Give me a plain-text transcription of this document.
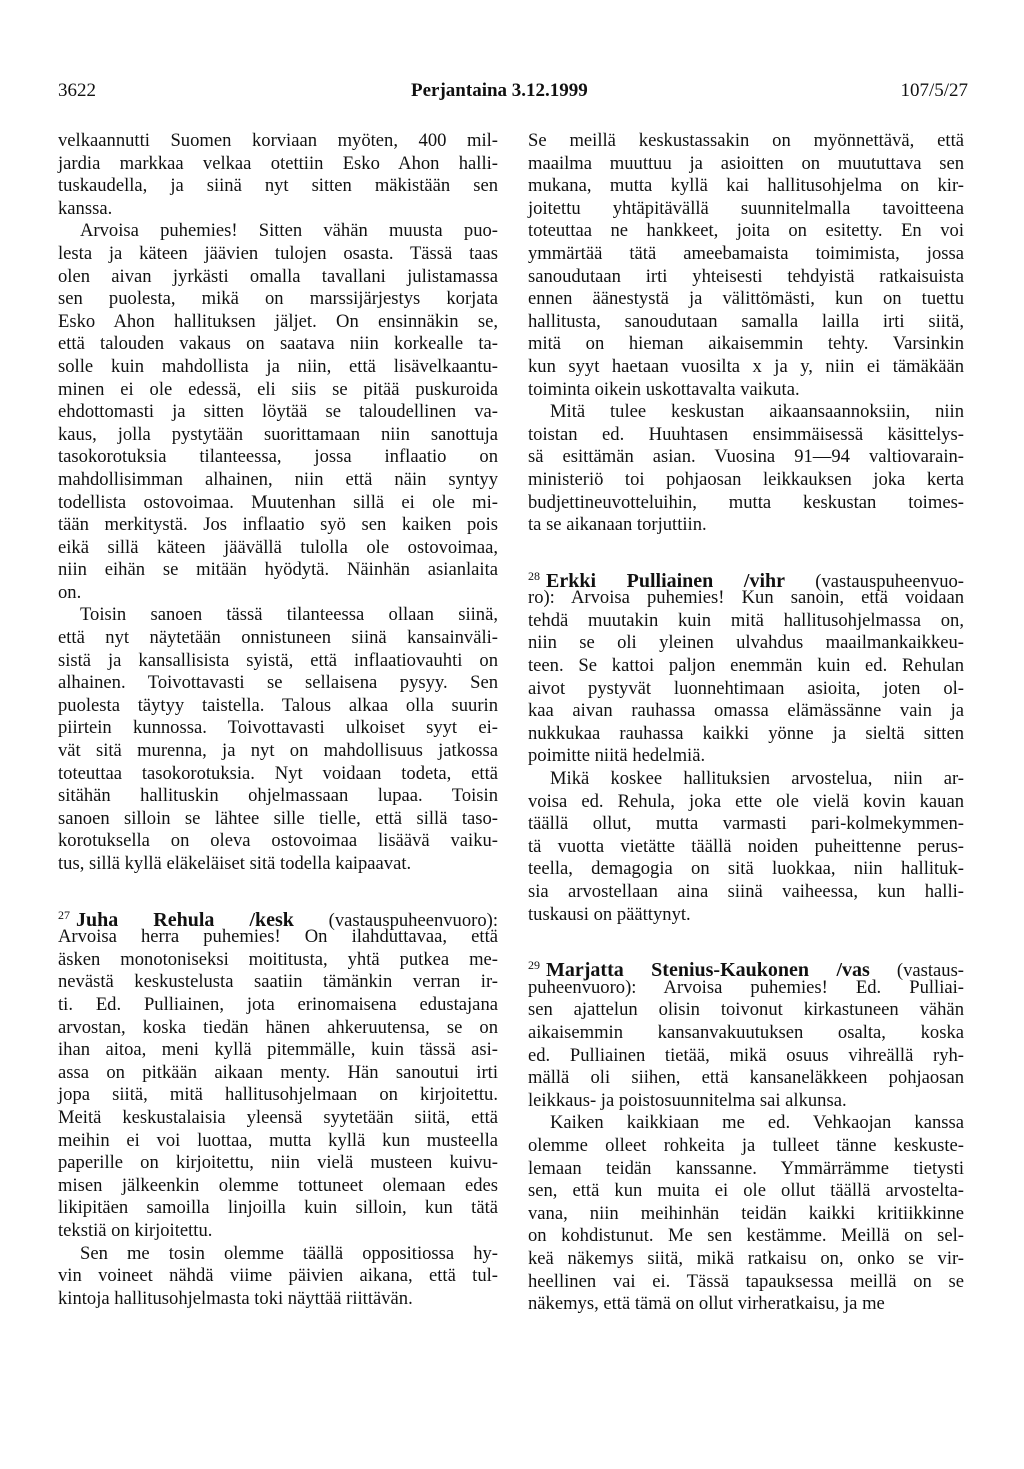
3622	Perjantaina 3.12.1999	107/5/27
velkaannutti Suomen korviaan myöten, 400 mil-
jardia markkaa velkaa otettiin Esko Ahon halli-
tuskaudella, ja siinä nyt sitten mäkistään sen
kanssa.
Arvoisa puhemies! Sitten vähän muusta puo-
lesta ja käteen jäävien tulojen osasta. Tässä taas
olen aivan jyrkästi omalla tavallani julistamassa
sen puolesta, mikä on marssijärjestys korjata
Esko Ahon hallituksen jäljet. On ensinnäkin se,
että talouden vakaus on saatava niin korkealle ta-
solle kuin mahdollista ja niin, että lisävelkaantu-
minen ei ole edessä, eli siis se pitää puskuroida
ehdottomasti ja sitten löytää se taloudellinen va-
kaus, jolla pystytään suorittamaan niin sanottuja
tasokorotuksia tilanteessa, jossa inflaatio on
mahdollisimman alhainen, niin että näin syntyy
todellista ostovoimaa. Muutenhan sillä ei ole mi-
tään merkitystä. Jos inflaatio syö sen kaiken pois
eikä sillä käteen jäävällä tulolla ole ostovoimaa,
niin eihän se mitään hyödytä. Näinhän asianlaita
on.
Toisin sanoen tässä tilanteessa ollaan siinä,
että nyt näytetään onnistuneen siinä kansainväli-
sistä ja kansallisista syistä, että inflaatiovauhti on
alhainen. Toivottavasti se sellaisena pysyy. Sen
puolesta täytyy taistella. Talous alkaa olla suurin
piirtein kunnossa. Toivottavasti ulkoiset syyt ei-
vät sitä murenna, ja nyt on mahdollisuus jatkossa
toteuttaa tasokorotuksia. Nyt voidaan todeta, että
sitähän hallituskin ohjelmassaan lupaa. Toisin
sanoen silloin se lähtee sille tielle, että sillä taso-
korotuksella on oleva ostovoimaa lisäävä vaiku-
tus, sillä kyllä eläkeläiset sitä todella kaipaavat.
$^{27}$ Juha Rehula /kesk (vastauspuheenvuoro):
Arvoisa herra puhemies! On ilahduttavaa, että
äsken monotoniseksi moititusta, yhtä putkea me-
nevästä keskustelusta saatiin tämänkin verran ir-
ti. Ed. Pulliainen, jota erinomaisena edustajana
arvostan, koska tiedän hänen ahkeruutensa, se on
ihan aitoa, meni kyllä pitemmälle, kuin tässä asi-
assa on pitkään aikaan menty. Hän sanoutui irti
jopa siitä, mitä hallitusohjelmaan on kirjoitettu.
Meitä keskustalaisia yleensä syytetään siitä, että
meihin ei voi luottaa, mutta kyllä kun musteella
paperille on kirjoitettu, niin vielä musteen kuivu-
misen jälkeenkin olemme tottuneet olemaan edes
likipitäen samoilla linjoilla kuin silloin, kun tätä
tekstiä on kirjoitettu.
Sen me tosin olemme täällä oppositiossa hy-
vin voineet nähdä viime päivien aikana, että tul-
kintoja hallitusohjelmasta toki näyttää riittävän.
Se meillä keskustassakin on myönnettävä, että
maailma muuttuu ja asioitten on muututtava sen
mukana, mutta kyllä kai hallitusohjelma on kir-
joitettu yhtäpitävällä suunnitelmalla tavoitteena
toteuttaa ne hankkeet, joita on esitetty. En voi
ymmärtää tätä ameebamaista toimimista, jossa
sanoudutaan irti yhteisesti tehdyistä ratkaisuista
ennen äänestystä ja välittömästi, kun on tuettu
hallitusta, sanoudutaan samalla lailla irti siitä,
mitä on hieman aikaisemmin tehty. Varsinkin
kun syyt haetaan vuosilta x ja y, niin ei tämäkään
toiminta oikein uskottavalta vaikuta.
Mitä tulee keskustan aikaansaannoksiin, niin
toistan ed. Huuhtasen ensimmäisessä käsittelys-
sä esittämän asian. Vuosina 91—94 valtiovarain-
ministeriö toi pohjaosan leikkauksen joka kerta
budjettineuvotteluihin, mutta keskustan toimes-
ta se aikanaan torjuttiin.
$^{28}$ Erkki Pulliainen /vihr (vastauspuheenvuo-
ro): Arvoisa puhemies! Kun sanoin, että voidaan
tehdä muutakin kuin mitä hallitusohjelmassa on,
niin se oli yleinen ulvahdus maailmankaikkeu-
teen. Se kattoi paljon enemmän kuin ed. Rehulan
aivot pystyvät luonnehtimaan asioita, joten ol-
kaa aivan rauhassa omassa elämässänne vain ja
nukkukaa rauhassa kaikki yönne ja sieltä sitten
poimitte niitä hedelmiä.
Mikä koskee hallituksien arvostelua, niin ar-
voisa ed. Rehula, joka ette ole vielä kovin kauan
täällä ollut, mutta varmasti pari-kolmekymmen-
tä vuotta vietätte täällä noiden puheittenne perus-
teella, demagogia on sitä luokkaa, niin hallituk-
sia arvostellaan aina siinä vaiheessa, kun halli-
tuskausi on päättynyt.
$^{29}$ Marjatta Stenius-Kaukonen /vas (vastaus-
puheenvuoro): Arvoisa puhemies! Ed. Pulliai-
sen ajattelun olisin toivonut kirkastuneen vähän
aikaisemmin kansanvakuutuksen osalta, koska
ed. Pulliainen tietää, mikä osuus vihreällä ryh-
mällä oli siihen, että kansaneläkkeen pohjaosan
leikkaus- ja poistosuunnitelma sai alkunsa.
Kaiken kaikkiaan me ed. Vehkaojan kanssa
olemme olleet rohkeita ja tulleet tänne keskuste-
lemaan teidän kanssanne. Ymmärrämme tietysti
sen, että kun muita ei ole ollut täällä arvosteltа-
vana, niin meihinhän teidän kaikki kritiikkinne
on kohdistunut. Me sen kestämme. Meillä on sel-
keä näkemys siitä, mikä ratkaisu on, onko se vir-
heellinen vai ei. Tässä tapauksessa meillä on se
näkemys, että tämä on ollut virheratkaisu, ja me
